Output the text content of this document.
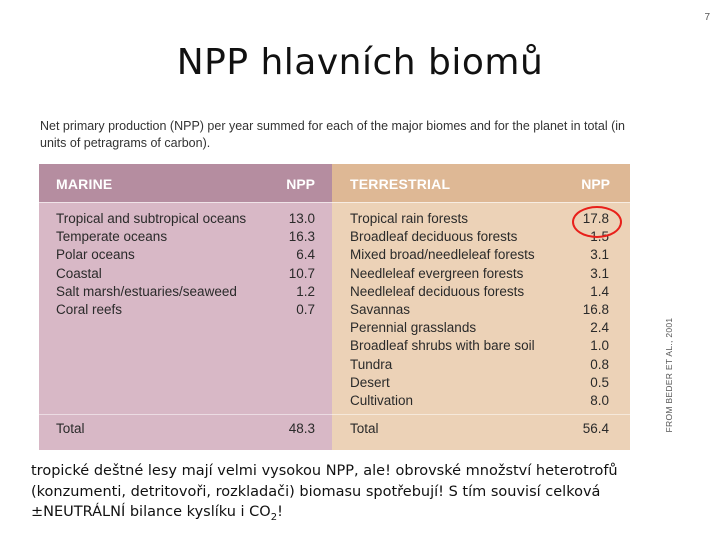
7
NPP hlavních biomů
Net primary production (NPP) per year summed for each of the major biomes and for the planet in total (in units of petragrams of carbon).
MARINE	NPP
Tropical and subtropical oceans	13.0
Temperate oceans	16.3
Polar oceans	6.4
Coastal	10.7
Salt marsh/estuaries/seaweed	1.2
Coral reefs	0.7
Total	48.3
TERRESTRIAL	NPP
Tropical rain forests	17.8
Broadleaf deciduous forests	1.5
Mixed broad/needleleaf forests	3.1
Needleleaf evergreen forests	3.1
Needleleaf deciduous forests	1.4
Savannas	16.8
Perennial grasslands	2.4
Broadleaf shrubs with bare soil	1.0
Tundra	0.8
Desert	0.5
Cultivation	8.0
Total	56.4	FROM BEDER ET AL., 2001
tropické deštné lesy mají velmi vysokou NPP, ale! obrovské množství heterotrofů (konzumenti, detritovoři, rozkladači) biomasu spotřebují! S tím souvisí celková ±NEUTRÁLNÍ bilance kyslíku i $CO_2$!
